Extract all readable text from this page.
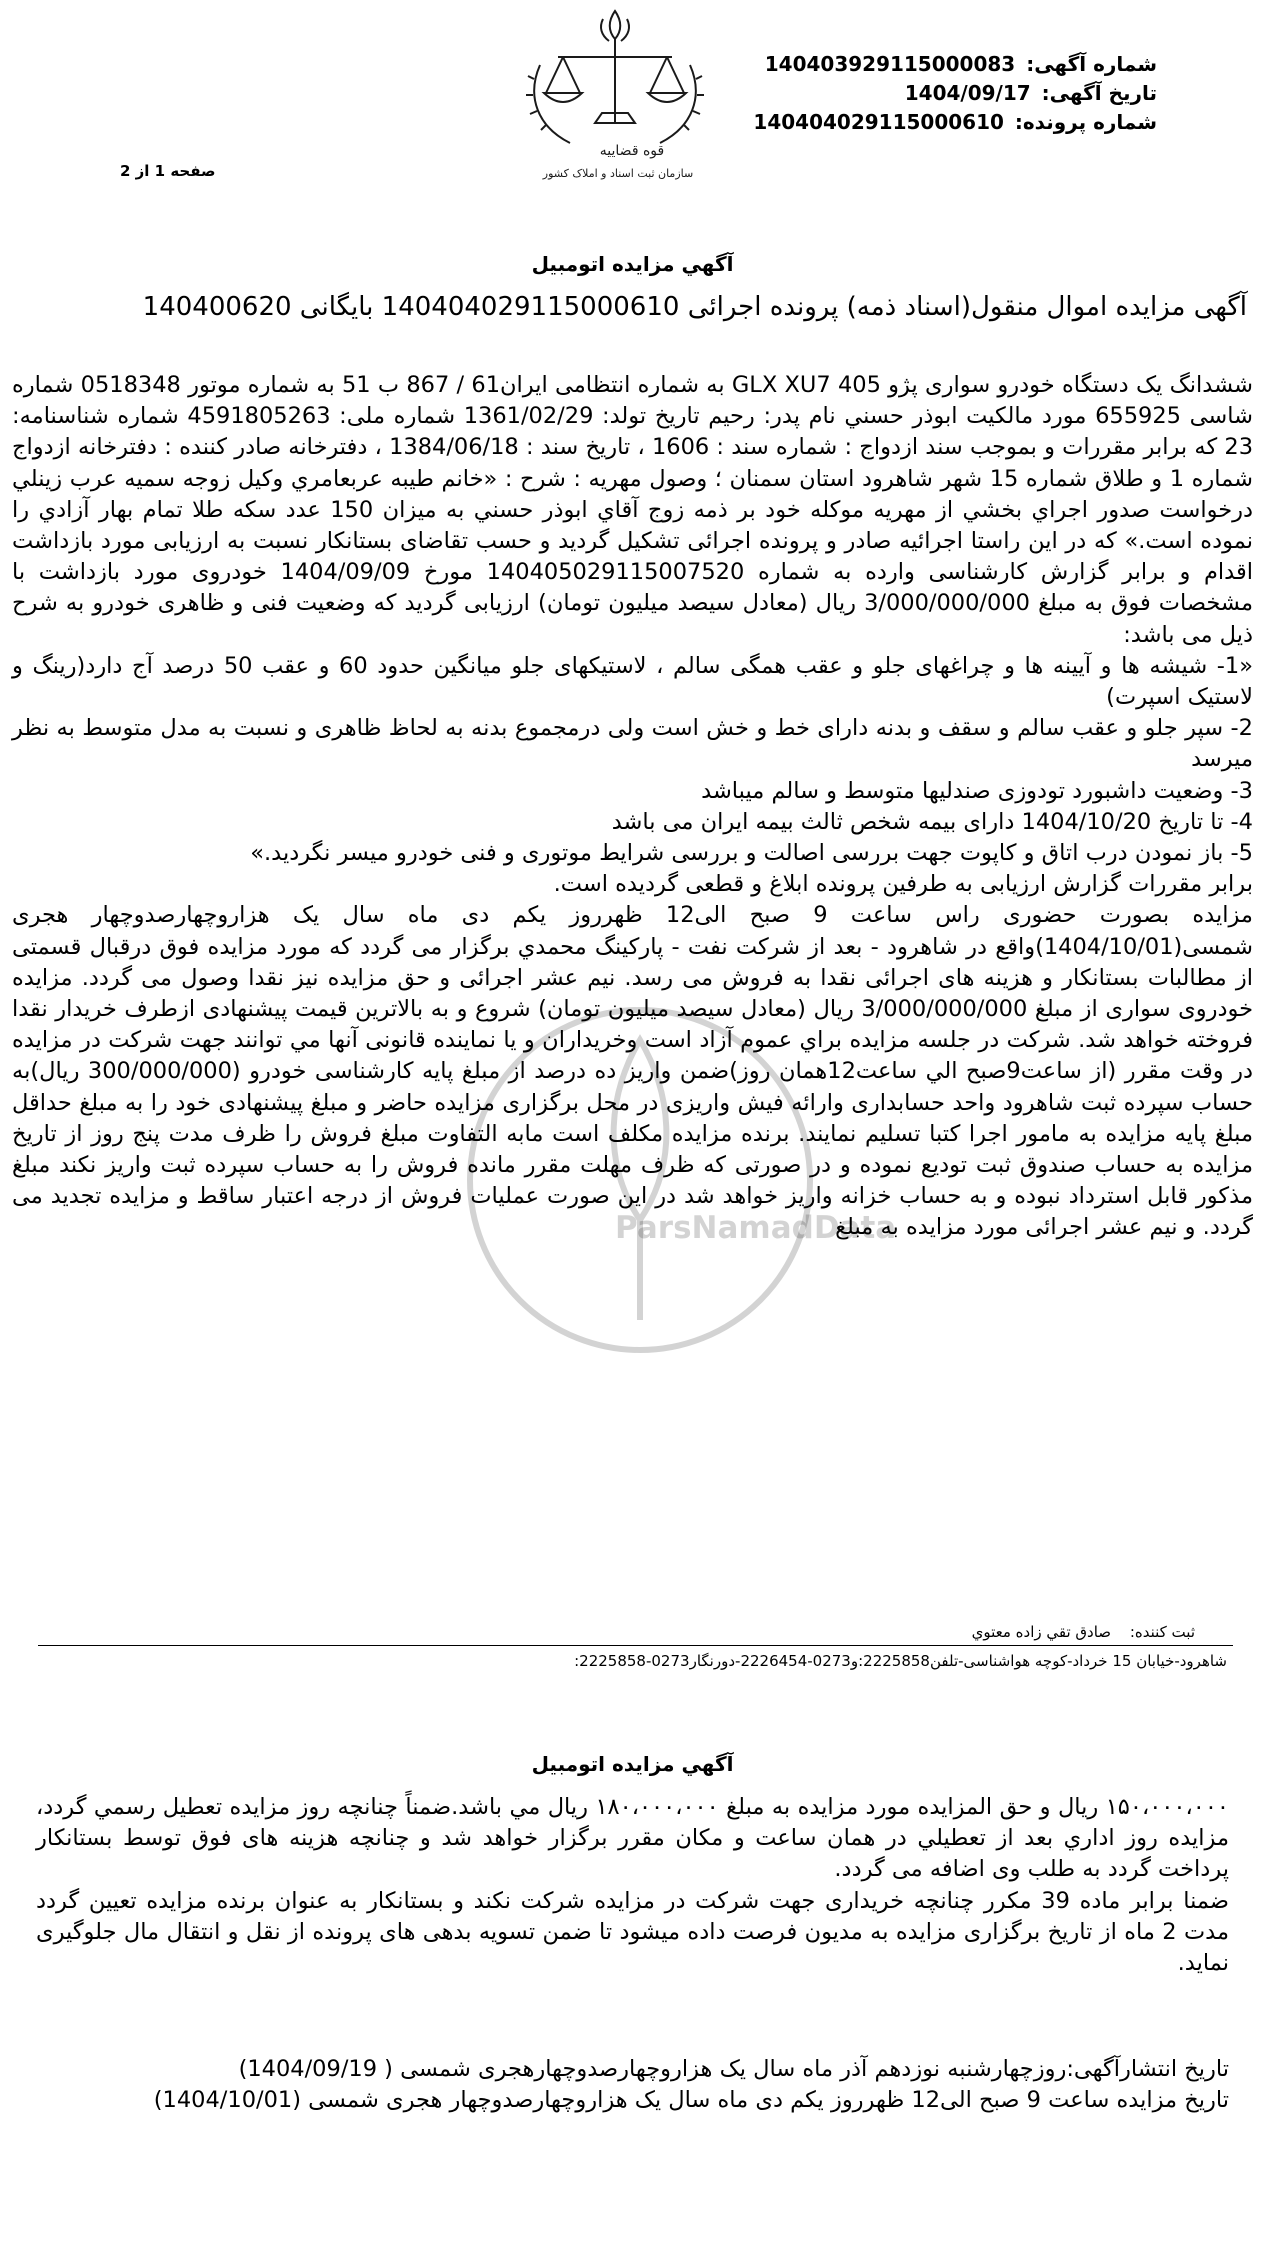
قوه قضاییه
سازمان ثبت اسناد و املاک کشور
صفحه 1 از 2
شماره آگهی: 140403929115000083
تاریخ آگهی: 1404/09/17
شماره پرونده: 140404029115000610
آگهي مزايده اتومبيل
آگهی مزایده اموال منقول(اسناد ذمه) پرونده اجرائی 140404029115000610 بایگانی 140400620
ParsNamadData

ششدانگ یک دستگاه خودرو سواری پژو 405 GLX XU7 به شماره انتظامی ایران61 / 867 ب 51 به شماره موتور 0518348 شماره شاسی 655925 مورد مالکیت ابوذر حسني نام پدر: رحیم تاریخ تولد: 1361/02/29 شماره ملی: 4591805263 شماره شناسنامه: 23 که برابر مقررات و بموجب سند ازدواج : شماره سند : 1606 ، تاریخ سند : 1384/06/18 ، دفترخانه صادر کننده : دفترخانه ازدواج شماره 1 و طلاق شماره 15 شهر شاهرود استان سمنان ؛ وصول مهریه : شرح : «خانم طيبه عربعامري وكيل زوجه سميه عرب زينلي درخواست صدور اجراي بخشي از مهريه موكله خود بر ذمه زوج آقاي ابوذر حسني به ميزان 150 عدد سكه طلا تمام بهار آزادي را نموده است.» كه در اين راستا اجرائيه صادر و پرونده اجرائی تشکیل گردید و حسب تقاضای بستانکار نسبت به ارزیابی مورد بازداشت اقدام و برابر گزارش کارشناسی وارده به شماره 140405029115007520 مورخ 1404/09/09 خودروی مورد بازداشت با مشخصات فوق به مبلغ 3/000/000/000 ریال (معادل سیصد میلیون تومان) ارزیابی گردید که وضعیت فنی و ظاهری خودرو به شرح ذیل می باشد:

«1- شیشه ها و آیینه ها و چراغهای جلو و عقب همگی سالم ، لاستیکهای جلو میانگین حدود 60 و عقب 50 درصد آج دارد(رینگ و لاستیک اسپرت)

2- سپر جلو و عقب سالم و سقف و بدنه دارای خط و خش است ولی درمجموع بدنه به لحاظ ظاهری و نسبت به مدل متوسط به نظر میرسد

3- وضعیت داشبورد تودوزی صندلیها متوسط و سالم میباشد

4- تا تاریخ 1404/10/20 دارای بیمه شخص ثالث بیمه ایران می باشد

5- باز نمودن درب اتاق و کاپوت جهت بررسی اصالت و بررسی شرایط موتوری و فنی خودرو میسر نگردید.»

برابر مقررات گزارش ارزیابی به طرفین پرونده ابلاغ و قطعی گردیده است.

مزایده بصورت حضوری راس ساعت 9 صبح الی12 ظهرروز یکم دی ماه سال یک هزاروچهارصدوچهار هجری شمسی(1404/10/01)واقع در شاهرود - بعد از شرکت نفت - پارکینگ محمدي برگزار می گردد که مورد مزایده فوق درقبال قسمتی از مطالبات بستانکار و هزینه های اجرائی نقدا به فروش می رسد. نیم عشر اجرائی و حق مزایده نیز نقدا وصول می گردد. مزایده خودروی سواری از مبلغ 3/000/000/000 ریال (معادل سیصد میلیون تومان) شروع و به بالاترین قیمت پیشنهادی ازطرف خریدار نقدا فروخته خواهد شد. شركت در جلسه مزايده براي عموم آزاد است وخريداران و يا نماينده قانونی آنها مي توانند جهت شركت در مزايده در وقت مقرر (از ساعت9صبح الي ساعت12همان روز)ضمن واریز ده درصد از مبلغ پایه کارشناسی خودرو (300/000/000 ریال)به حساب سپرده ثبت شاهرود واحد حسابداری وارائه فیش واریزی در محل برگزاری مزایده حاضر و مبلغ پیشنهادی خود را به مبلغ حداقل مبلغ پایه مزایده به مامور اجرا کتبا تسلیم نمایند. برنده مزایده مکلف است مابه التفاوت مبلغ فروش را ظرف مدت پنج روز از تاریخ مزایده به حساب صندوق ثبت تودیع نموده و در صورتی که ظرف مهلت مقرر مانده فروش را به حساب سپرده ثبت واریز نکند مبلغ مذکور قابل استرداد نبوده و به حساب خزانه واریز خواهد شد در این صورت عملیات فروش از درجه اعتبار ساقط و مزایده تجدید می گردد. و نیم عشر اجرائی مورد مزایده به مبلغ

ثبت کننده: صادق تقي زاده معتوي
شاهرود-خیابان 15 خرداد-کوچه هواشناسی-تلفن2225858:و0273-2226454-دورنگار0273-2225858:
آگهي مزايده اتومبيل

۱۵۰،۰۰۰،۰۰۰ ريال و حق المزايده مورد مزايده به مبلغ ۱۸۰،۰۰۰،۰۰۰ ريال مي باشد.ضمناً چنانچه روز مزایده تعطیل رسمي گردد، مزایده روز اداري بعد از تعطيلي در همان ساعت و مكان مقرر برگزار خواهد شد و چنانچه هزینه های فوق توسط بستانکار پرداخت گردد به طلب وی اضافه می گردد.

ضمنا برابر ماده 39 مکرر چنانچه خریداری جهت شرکت در مزایده شرکت نکند و بستانکار به عنوان برنده مزایده تعیین گردد مدت 2 ماه از تاریخ برگزاری مزایده به مدیون فرصت داده میشود تا ضمن تسویه بدهی های پرونده از نقل و انتقال مال جلوگیری نماید.

تاریخ انتشارآگهی:روزچهارشنبه نوزدهم آذر ماه سال یک هزاروچهارصدوچهارهجری شمسی ( 1404/09/19)

تاریخ مزایده ساعت 9 صبح الی12 ظهرروز یکم دی ماه سال یک هزاروچهارصدوچهار هجری شمسی (1404/10/01)
